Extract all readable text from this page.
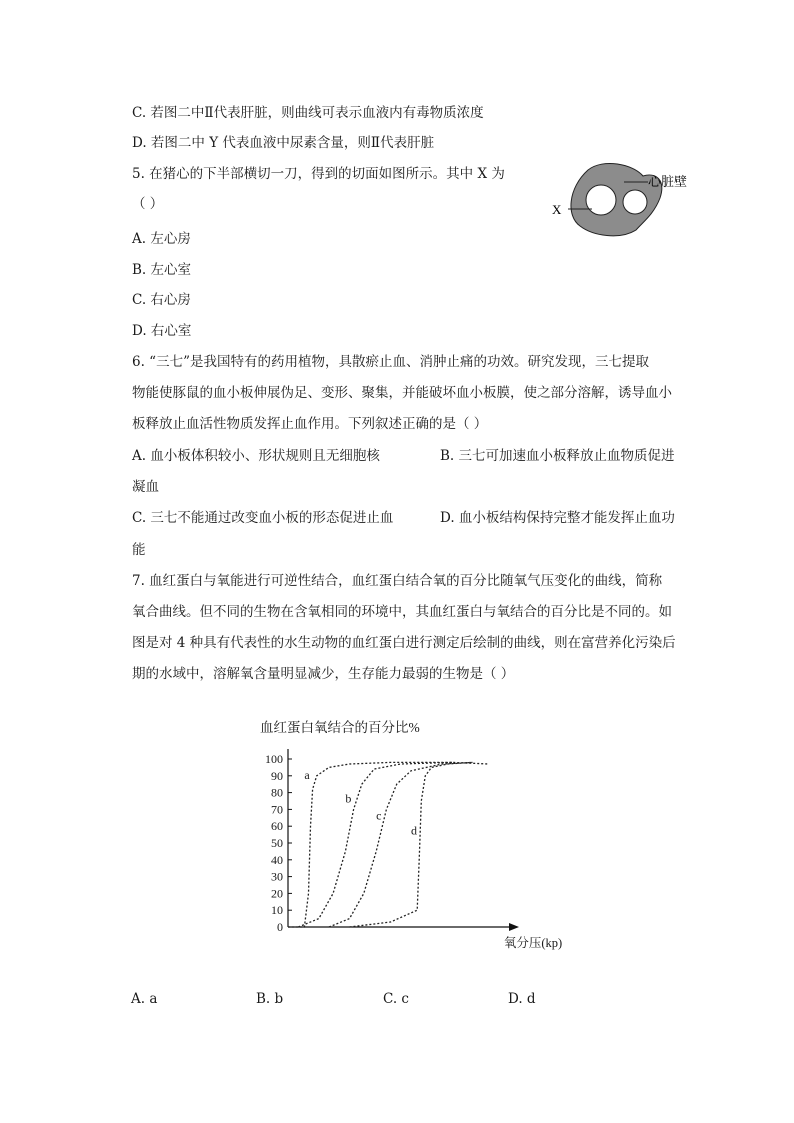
C. 若图二中Ⅱ代表肝脏，则曲线可表示血液内有毒物质浓度
D. 若图二中 Y 代表血液中尿素含量，则Ⅱ代表肝脏
5. 在猪心的下半部横切一刀，得到的切面如图所示。其中 X 为
（ ）
A. 左心房
B. 左心室
C. 右心房
D. 右心室
X
心脏壁
6. “三七”是我国特有的药用植物，具散瘀止血、消肿止痛的功效。研究发现，三七提取
物能使豚鼠的血小板伸展伪足、变形、聚集，并能破坏血小板膜，使之部分溶解，诱导血小
板释放止血活性物质发挥止血作用。下列叙述正确的是（ ）
A. 血小板体积较小、形状规则且无细胞核	B. 三七可加速血小板释放止血物质促进
凝血
C. 三七不能通过改变血小板的形态促进止血	D. 血小板结构保持完整才能发挥止血功
能
7. 血红蛋白与氧能进行可逆性结合，血红蛋白结合氧的百分比随氧气压变化的曲线，简称
氧合曲线。但不同的生物在含氧相同的环境中，其血红蛋白与氧结合的百分比是不同的。如
图是对 4 种具有代表性的水生动物的血红蛋白进行测定后绘制的曲线，则在富营养化污染后
期的水域中，溶解氧含量明显减少，生存能力最弱的生物是（ ）
血红蛋白氧结合的百分比%
0
10
20
30
40
50
60
70
80
90
100
氧分压(kp)
a
b
c
d
A. a	B. b	C. c	D. d
